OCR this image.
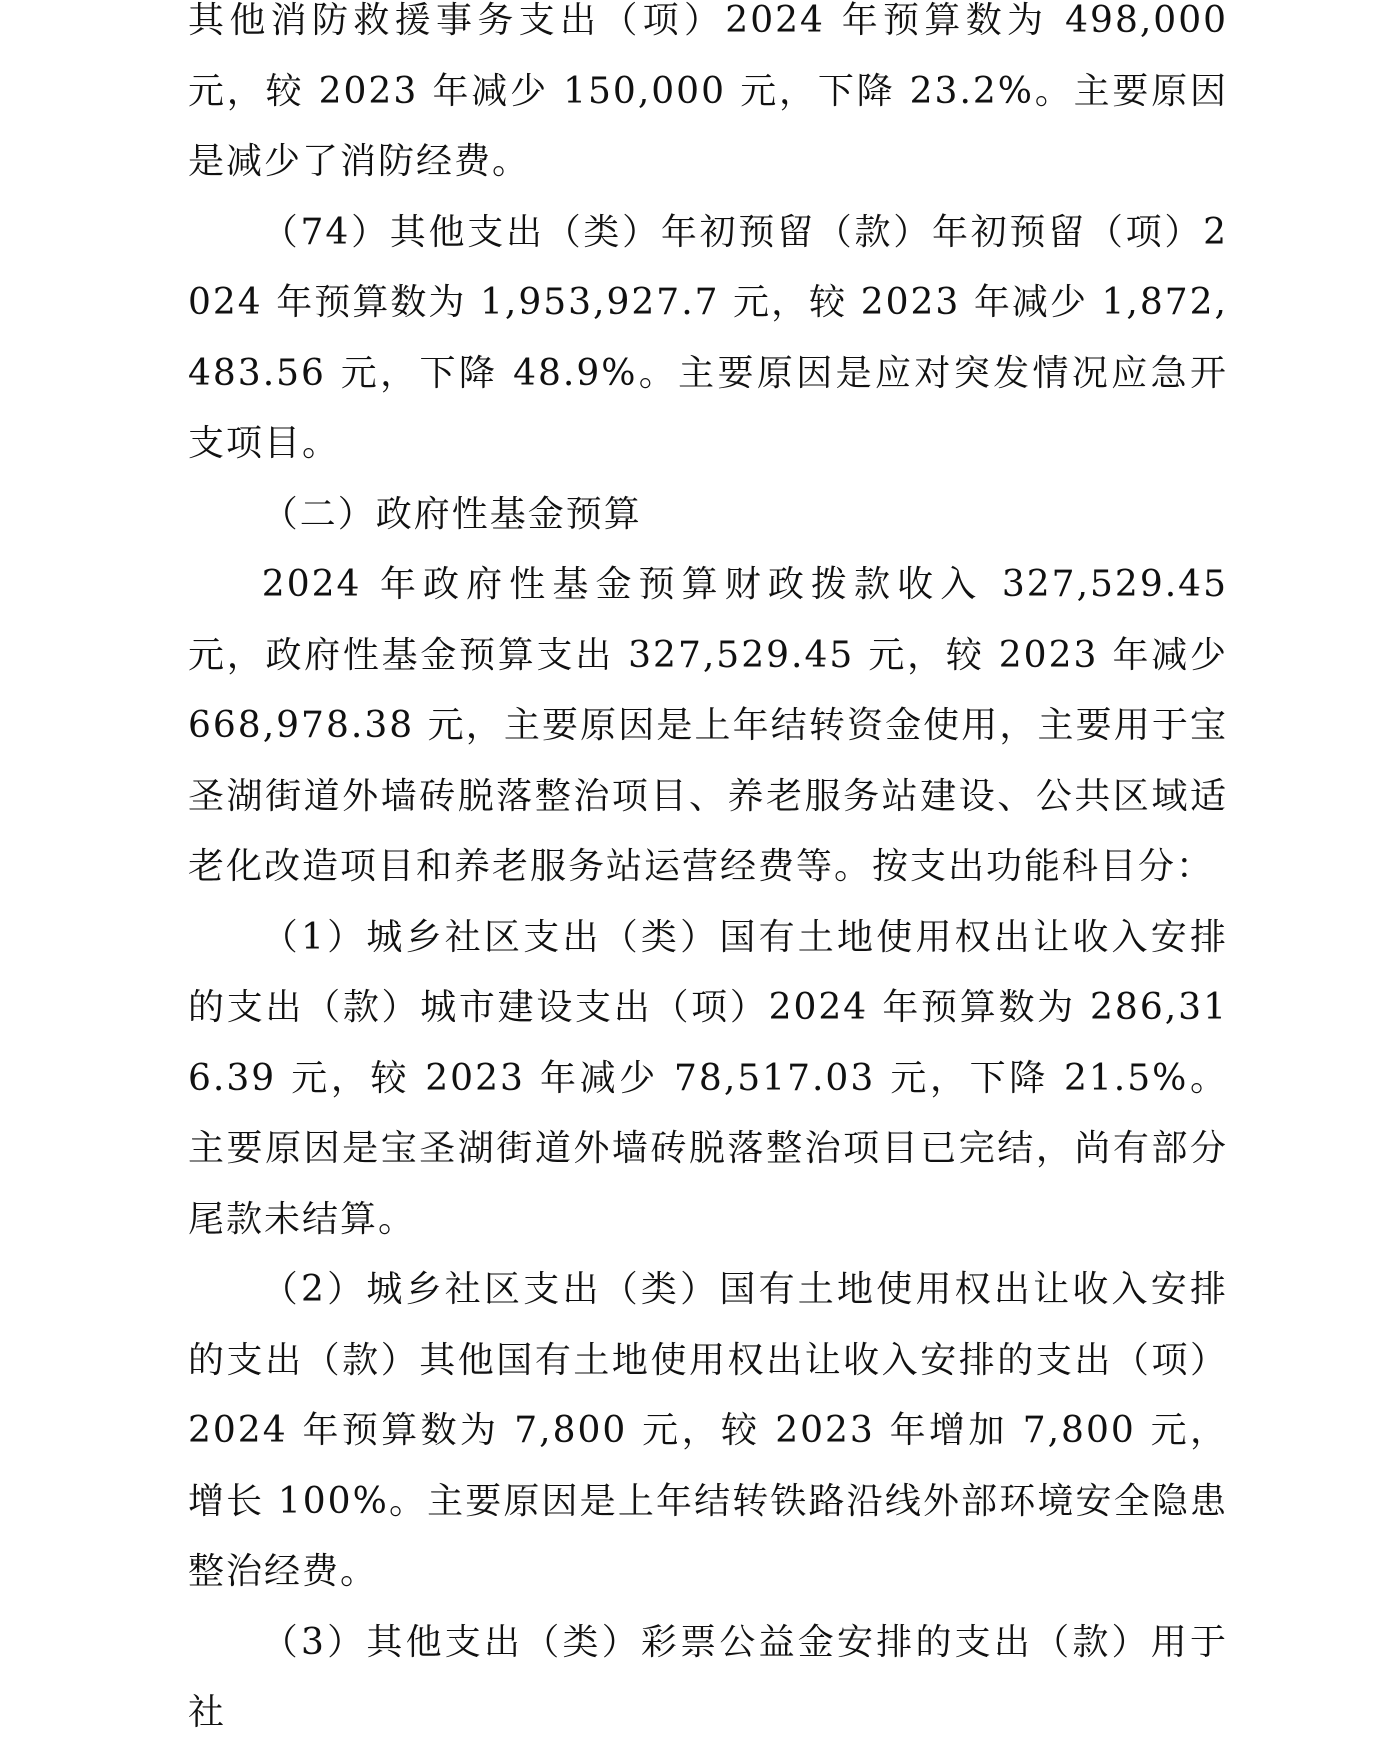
其他消防救援事务支出（项）2024 年预算数为 498,000 元，较 2023 年减少 150,000 元，下降 23.2%。主要原因是减少了消防经费。

（74）其他支出（类）年初预留（款）年初预留（项）2024 年预算数为 1,953,927.7 元，较 2023 年减少 1,872,483.56 元，下降 48.9%。主要原因是应对突发情况应急开支项目。

（二）政府性基金预算

2024 年政府性基金预算财政拨款收入 327,529.45 元，政府性基金预算支出 327,529.45 元，较 2023 年减少 668,978.38 元，主要原因是上年结转资金使用，主要用于宝圣湖街道外墙砖脱落整治项目、养老服务站建设、公共区域适老化改造项目和养老服务站运营经费等。按支出功能科目分：

（1）城乡社区支出（类）国有土地使用权出让收入安排的支出（款）城市建设支出（项）2024 年预算数为 286,316.39 元，较 2023 年减少 78,517.03 元，下降 21.5%。主要原因是宝圣湖街道外墙砖脱落整治项目已完结，尚有部分尾款未结算。

（2）城乡社区支出（类）国有土地使用权出让收入安排的支出（款）其他国有土地使用权出让收入安排的支出（项）2024 年预算数为 7,800 元，较 2023 年增加 7,800 元，增长 100%。主要原因是上年结转铁路沿线外部环境安全隐患整治经费。

（3）其他支出（类）彩票公益金安排的支出（款）用于社
